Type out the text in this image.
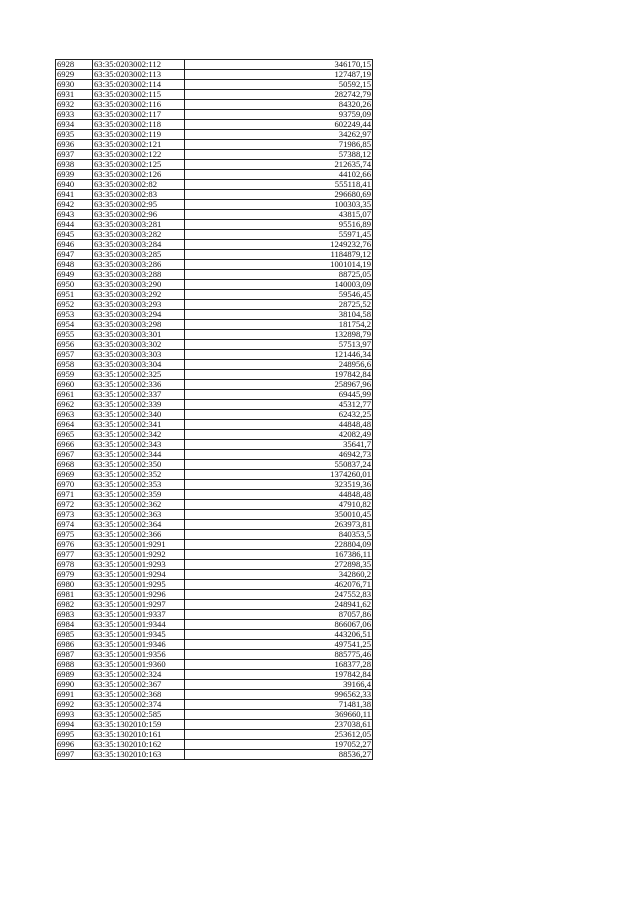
6928	63:35:0203002:112	346170,15
6929	63:35:0203002:113	127487,19
6930	63:35:0203002:114	50592,15
6931	63:35:0203002:115	282742,79
6932	63:35:0203002:116	84320,26
6933	63:35:0203002:117	93759,09
6934	63:35:0203002:118	602249,44
6935	63:35:0203002:119	34262,97
6936	63:35:0203002:121	71986,85
6937	63:35:0203002:122	57388,12
6938	63:35:0203002:125	212635,74
6939	63:35:0203002:126	44102,66
6940	63:35:0203002:82	555118,41
6941	63:35:0203002:83	296680,69
6942	63:35:0203002:95	100303,35
6943	63:35:0203002:96	43815,07
6944	63:35:0203003:281	95516,89
6945	63:35:0203003:282	55971,45
6946	63:35:0203003:284	1249232,76
6947	63:35:0203003:285	1184879,12
6948	63:35:0203003:286	1001014,19
6949	63:35:0203003:288	88725,05
6950	63:35:0203003:290	140003,09
6951	63:35:0203003:292	59546,45
6952	63:35:0203003:293	28725,52
6953	63:35:0203003:294	38104,58
6954	63:35:0203003:298	181754,2
6955	63:35:0203003:301	132898,79
6956	63:35:0203003:302	57513,97
6957	63:35:0203003:303	121446,34
6958	63:35:0203003:304	248956,6
6959	63:35:1205002:325	197842,84
6960	63:35:1205002:336	258967,96
6961	63:35:1205002:337	69445,99
6962	63:35:1205002:339	45312,77
6963	63:35:1205002:340	62432,25
6964	63:35:1205002:341	44848,48
6965	63:35:1205002:342	42082,49
6966	63:35:1205002:343	35641,7
6967	63:35:1205002:344	46942,73
6968	63:35:1205002:350	550837,24
6969	63:35:1205002:352	1374260,01
6970	63:35:1205002:353	323519,36
6971	63:35:1205002:359	44848,48
6972	63:35:1205002:362	47910,82
6973	63:35:1205002:363	350010,45
6974	63:35:1205002:364	263973,81
6975	63:35:1205002:366	840353,5
6976	63:35:1205001:9291	228804,09
6977	63:35:1205001:9292	167386,11
6978	63:35:1205001:9293	272898,35
6979	63:35:1205001:9294	342860,2
6980	63:35:1205001:9295	462076,71
6981	63:35:1205001:9296	247552,83
6982	63:35:1205001:9297	248941,62
6983	63:35:1205001:9337	87057,86
6984	63:35:1205001:9344	866067,06
6985	63:35:1205001:9345	443206,51
6986	63:35:1205001:9346	497541,25
6987	63:35:1205001:9356	885775,46
6988	63:35:1205001:9360	168377,28
6989	63:35:1205002:324	197842,84
6990	63:35:1205002:367	39166,4
6991	63:35:1205002:368	996562,33
6992	63:35:1205002:374	71481,38
6993	63:35:1205002:585	369660,11
6994	63:35:1302010:159	237038,61
6995	63:35:1302010:161	253612,05
6996	63:35:1302010:162	197052,27
6997	63:35:1302010:163	88536,27
